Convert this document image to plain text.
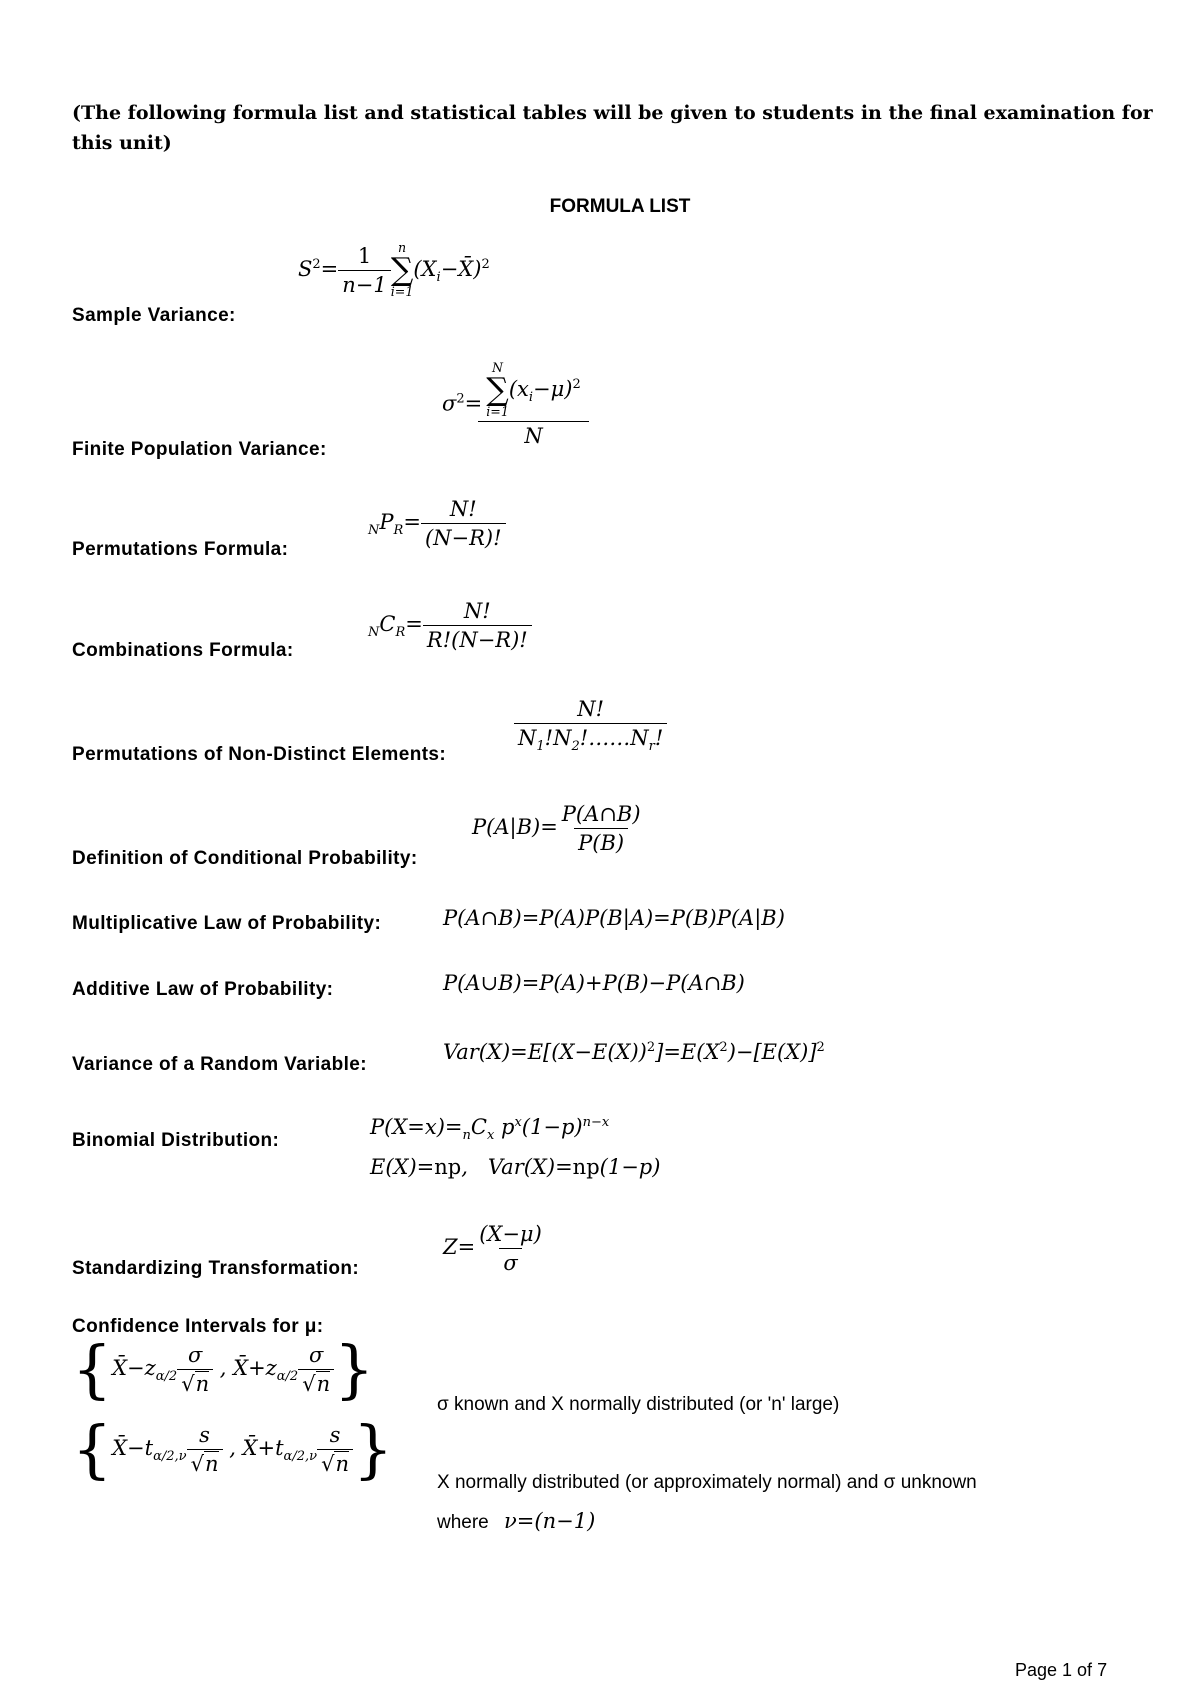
(The following formula list and statistical tables will be given to students in the final examination for this unit)
FORMULA LIST
$S^2= \frac{1}{n-1}$ n
∑
i=1
$(X_i-X̄)^2$
Sample Variance:
$\sigma^2= N$
∑
i=1
$(x_i-\mu)^2$
N
Finite Population Variance:
$_NP_R= \frac{N!}{(N-R)!}$
Permutations Formula:
$_NC_R= \frac{N!}{R!(N-R)!}$
Combinations Formula:
$\frac{N!}{N_1!N_2!\dots\dots N_r!}$
Permutations of Non-Distinct Elements:
$P(A|B)= \frac{P(A\cap B)}{P(B)}$
Definition of Conditional Probability:
Multiplicative Law of Probability:	P(A∩B)=P(A)P(B|A)=P(B)P(A|B)
Additive Law of Probability:	P(A∪B)=P(A)+P(B)−P(A∩B)
Variance of a Random Variable:
$Var(X)=E[(X-E(X))^2]=E(X^2)-[E(X)]^2$
Binomial Distribution:
$P(X=x)=_nC_x$ $p^x(1-p)^{n-x}$
E(X)=np,   Var(X)=np(1−p)
$Z= \frac{(X-\mu)}{\sigma}$
Standardizing Transformation:
Confidence Intervals for μ:
{$X̄-z_{\alpha/2} \frac{\sigma}{√n}$ , $X̄+z_{\alpha/2} \frac{\sigma}{√n}$ }	σ known and X normally distributed (or 'n' large)
{$X̄-t_{\alpha/2,\nu} \frac{s}{√n}$ , $X̄+t_{\alpha/2,\nu} \frac{s}{√n}$ } X normally distributed (or approximately normal) and σ unknown
where ν=(n−1)
Page 1 of 7
